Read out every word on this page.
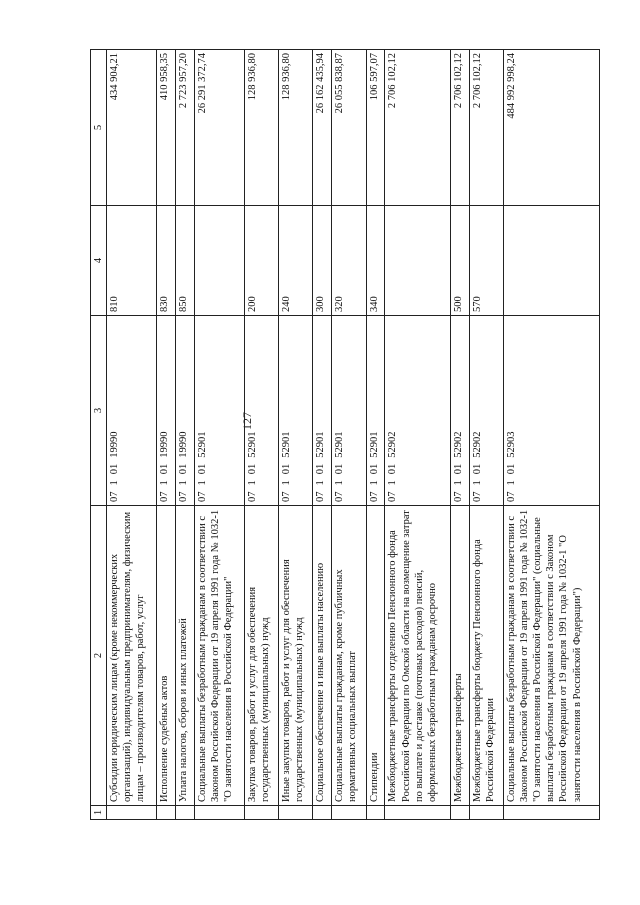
127
1	2	3	4	5
	Субсидии юридическим лицам (кроме некоммерческих организаций), индивидуальным предпринимателям, физическим лицам – производителям товаров, работ, услуг	0710119990	810	434 904,21
	Исполнение судебных актов	0710119990	830	410 958,35
	Уплата налогов, сборов и иных платежей	0710119990	850	2 723 957,20
	Социальные выплаты безработным гражданам в соответствии с Законом Российской Федерации от 19 апреля 1991 года № 1032-1 "О занятости населения в Российской Федерации"	0710152901		26 291 372,74
	Закупка товаров, работ и услуг для обеспечения государственных (муниципальных) нужд	0710152901	200	128 936,80
	Иные закупки товаров, работ и услуг для обеспечения государственных (муниципальных) нужд	0710152901	240	128 936,80
	Социальное обеспечение и иные выплаты населению	0710152901	300	26 162 435,94
	Социальные выплаты гражданам, кроме публичных нормативных социальных выплат	0710152901	320	26 055 838,87
	Стипендии	0710152901	340	106 597,07
	Межбюджетные трансферты отделению Пенсионного фонда Российской Федерации по Омской области на возмещение затрат по выплате и доставке (почтовых расходов) пенсий, оформленных безработным гражданам досрочно	0710152902		2 706 102,12
	Межбюджетные трансферты	0710152902	500	2 706 102,12
	Межбюджетные трансферты бюджету Пенсионного фонда Российской Федерации	0710152902	570	2 706 102,12
	Социальные выплаты безработным гражданам в соответствии с Законом Российской Федерации от 19 апреля 1991 года № 1032-1 "О занятости населения в Российской Федерации" (социальные выплаты безработным гражданам в соответствии с Законом Российской Федерации от 19 апреля 1991 года № 1032-1 "О занятости населения в Российской Федерации")	0710152903		484 992 998,24
